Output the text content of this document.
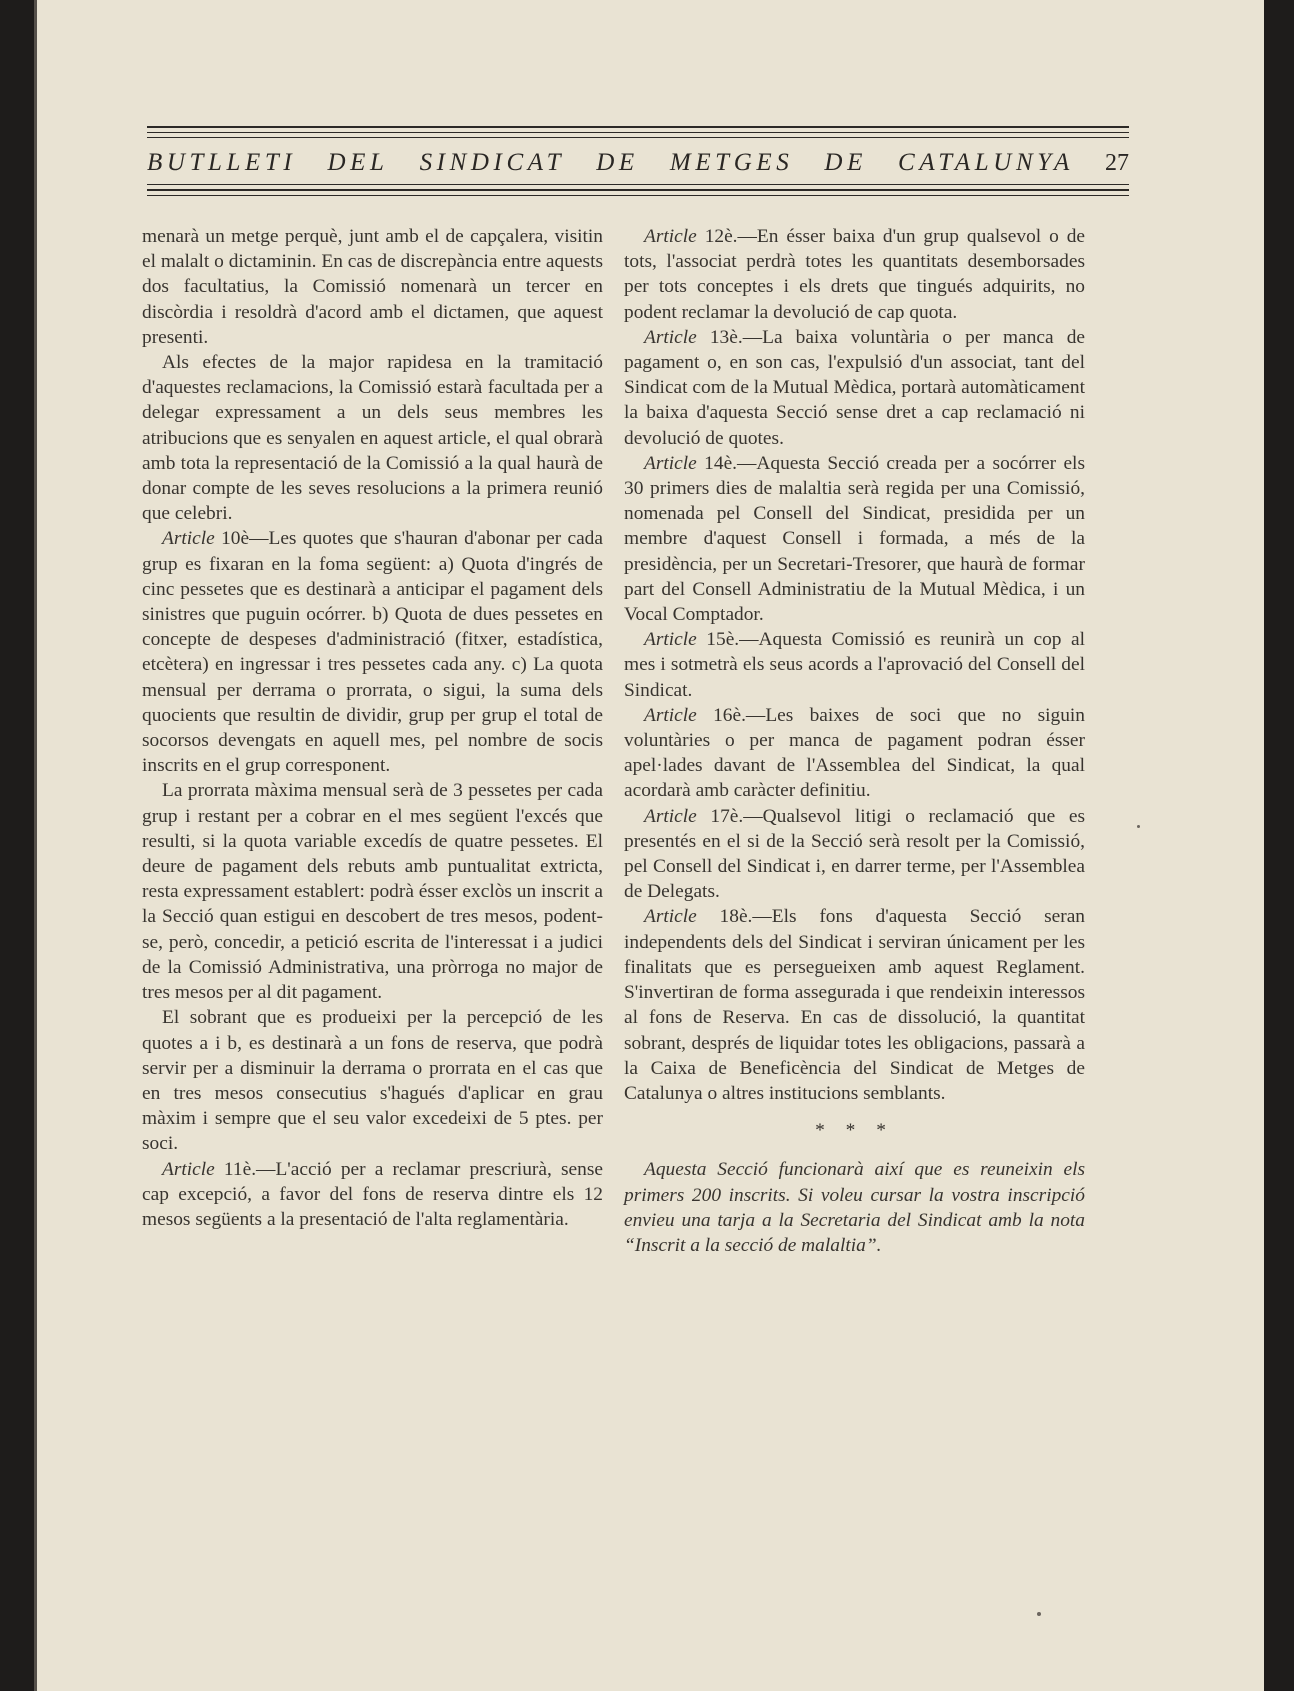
BUTLLETI DEL SINDICAT DE METGES DE CATALUNYA 27

menarà un metge perquè, junt amb el de capçalera, visitin el malalt o dictaminin. En cas de discrepància entre aquests dos facultatius, la Comissió nomenarà un tercer en discòrdia i resoldrà d'acord amb el dictamen, que aquest presenti.

Als efectes de la major rapidesa en la tramitació d'aquestes reclamacions, la Comissió estarà facultada per a delegar expressament a un dels seus membres les atribucions que es senyalen en aquest article, el qual obrarà amb tota la representació de la Comissió a la qual haurà de donar compte de les seves resolucions a la primera reunió que celebri.

Article 10è—Les quotes que s'hauran d'abonar per cada grup es fixaran en la foma següent: a) Quota d'ingrés de cinc pessetes que es destinarà a anticipar el pagament dels sinistres que puguin ocórrer. b) Quota de dues pessetes en concepte de despeses d'administració (fitxer, estadística, etcètera) en ingressar i tres pessetes cada any. c) La quota mensual per derrama o prorrata, o sigui, la suma dels quocients que resultin de dividir, grup per grup el total de socorsos devengats en aquell mes, pel nombre de socis inscrits en el grup corresponent.

La prorrata màxima mensual serà de 3 pessetes per cada grup i restant per a cobrar en el mes següent l'excés que resulti, si la quota variable excedís de quatre pessetes. El deure de pagament dels rebuts amb puntualitat extricta, resta expressament establert: podrà ésser exclòs un inscrit a la Secció quan estigui en descobert de tres mesos, podent-se, però, concedir, a petició escrita de l'interessat i a judici de la Comissió Administrativa, una pròrroga no major de tres mesos per al dit pagament.

El sobrant que es produeixi per la percepció de les quotes a i b, es destinarà a un fons de reserva, que podrà servir per a disminuir la derrama o prorrata en el cas que en tres mesos consecutius s'hagués d'aplicar en grau màxim i sempre que el seu valor excedeixi de 5 ptes. per soci.

Article 11è.—L'acció per a reclamar prescriurà, sense cap excepció, a favor del fons de reserva dintre els 12 mesos següents a la presentació de l'alta reglamentària.

Article 12è.—En ésser baixa d'un grup qualsevol o de tots, l'associat perdrà totes les quantitats desemborsades per tots conceptes i els drets que tingués adquirits, no podent reclamar la devolució de cap quota.

Article 13è.—La baixa voluntària o per manca de pagament o, en son cas, l'expulsió d'un associat, tant del Sindicat com de la Mutual Mèdica, portarà automàticament la baixa d'aquesta Secció sense dret a cap reclamació ni devolució de quotes.

Article 14è.—Aquesta Secció creada per a socórrer els 30 primers dies de malaltia serà regida per una Comissió, nomenada pel Consell del Sindicat, presidida per un membre d'aquest Consell i formada, a més de la presidència, per un Secretari-Tresorer, que haurà de formar part del Consell Administratiu de la Mutual Mèdica, i un Vocal Comptador.

Article 15è.—Aquesta Comissió es reunirà un cop al mes i sotmetrà els seus acords a l'aprovació del Consell del Sindicat.

Article 16è.—Les baixes de soci que no siguin voluntàries o per manca de pagament podran ésser apel·lades davant de l'Assemblea del Sindicat, la qual acordarà amb caràcter definitiu.

Article 17è.—Qualsevol litigi o reclamació que es presentés en el si de la Secció serà resolt per la Comissió, pel Consell del Sindicat i, en darrer terme, per l'Assemblea de Delegats.

Article 18è.—Els fons d'aquesta Secció seran independents dels del Sindicat i serviran únicament per les finalitats que es persegueixen amb aquest Reglament. S'invertiran de forma assegurada i que rendeixin interessos al fons de Reserva. En cas de dissolució, la quantitat sobrant, després de liquidar totes les obligacions, passarà a la Caixa de Beneficència del Sindicat de Metges de Catalunya o altres institucions semblants.

* * *

Aquesta Secció funcionarà així que es reuneixin els primers 200 inscrits. Si voleu cursar la vostra inscripció envieu una tarja a la Secretaria del Sindicat amb la nota “Inscrit a la secció de malaltia”.
